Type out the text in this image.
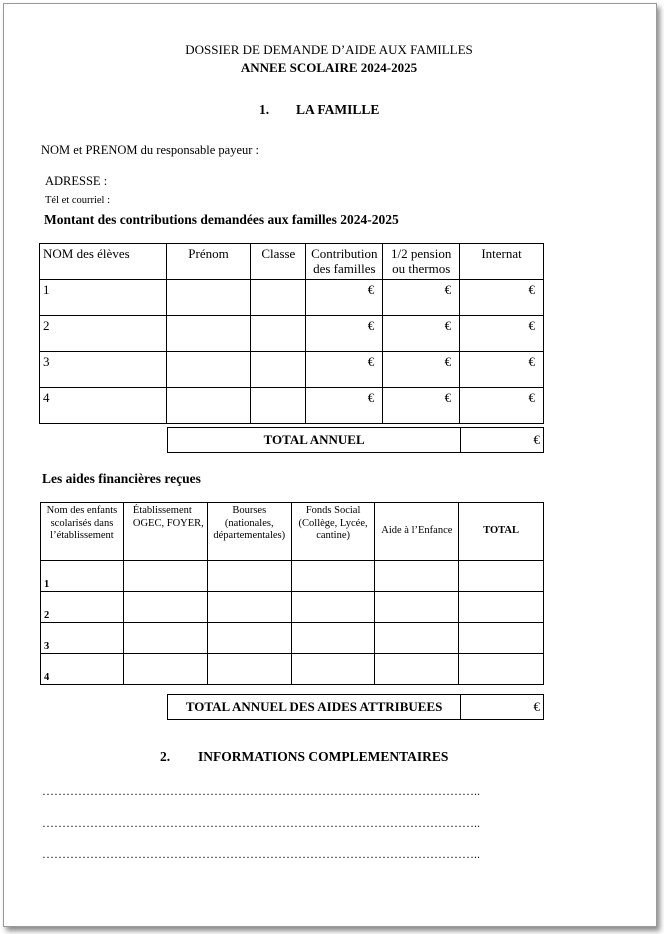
DOSSIER DE DEMANDE D’AIDE AUX FAMILLES
ANNEE SCOLAIRE 2024-2025
1. LA FAMILLE
NOM et PRENOM du responsable payeur :
ADRESSE :
Tél et courriel :
Montant des contributions demandées aux familles 2024-2025
NOM des élèves	Prénom	Classe	Contribution des familles	1/2 pension ou thermos	Internat
1			€	€	€
2			€	€	€
3			€	€	€
4			€	€	€
TOTAL ANNUEL	€
Les aides financières reçues
Nom des enfants scolarisés dans l’établissement	Établissement OGEC, FOYER,	Bourses (nationales, départementales)	Fonds Social (Collège, Lycée, cantine)	Aide à l’Enfance	TOTAL
1					
2					
3					
4					
TOTAL ANNUEL DES AIDES ATTRIBUEES	€
2. INFORMATIONS COMPLEMENTAIRES
………………………………………………………………………………………………..
………………………………………………………………………………………………..
………………………………………………………………………………………………..
